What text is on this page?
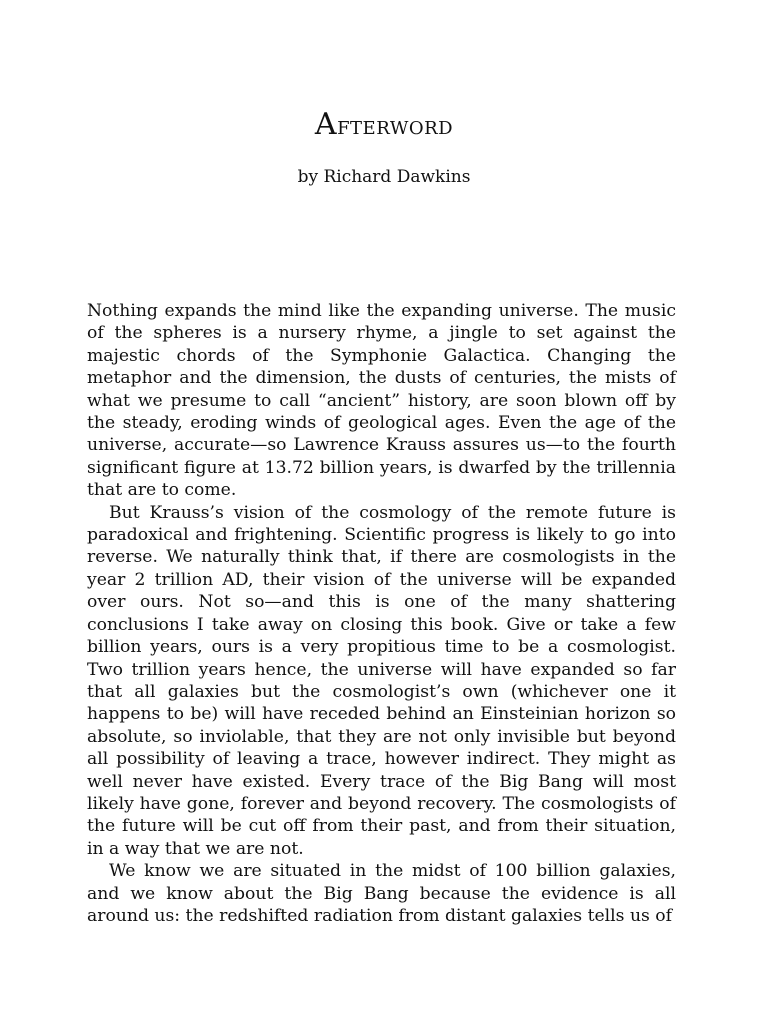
AFTERWORD
by Richard Dawkins

Nothing expands the mind like the expanding universe. The music of the spheres is a nursery rhyme, a jingle to set against the majestic chords of the Symphonie Galactica. Changing the metaphor and the dimension, the dusts of centuries, the mists of what we presume to call “ancient” history, are soon blown off by the steady, eroding winds of geological ages. Even the age of the universe, accurate—so Lawrence Krauss assures us—to the fourth significant figure at 13.72 billion years, is dwarfed by the trillennia that are to come.

But Krauss’s vision of the cosmology of the remote future is paradoxical and frightening. Scientific progress is likely to go into reverse. We naturally think that, if there are cosmologists in the year 2 trillion AD, their vision of the universe will be expanded over ours. Not so—and this is one of the many shattering conclusions I take away on closing this book. Give or take a few billion years, ours is a very propitious time to be a cosmologist. Two trillion years hence, the universe will have expanded so far that all galaxies but the cosmologist’s own (whichever one it happens to be) will have receded behind an Einsteinian horizon so absolute, so inviolable, that they are not only invisible but beyond all possibility of leaving a trace, however indirect. They might as well never have existed. Every trace of the Big Bang will most likely have gone, forever and beyond recovery. The cosmologists of the future will be cut off from their past, and from their situation, in a way that we are not.

We know we are situated in the midst of 100 billion galaxies, and we know about the Big Bang because the evidence is all around us: the redshifted radiation from distant galaxies tells us of
